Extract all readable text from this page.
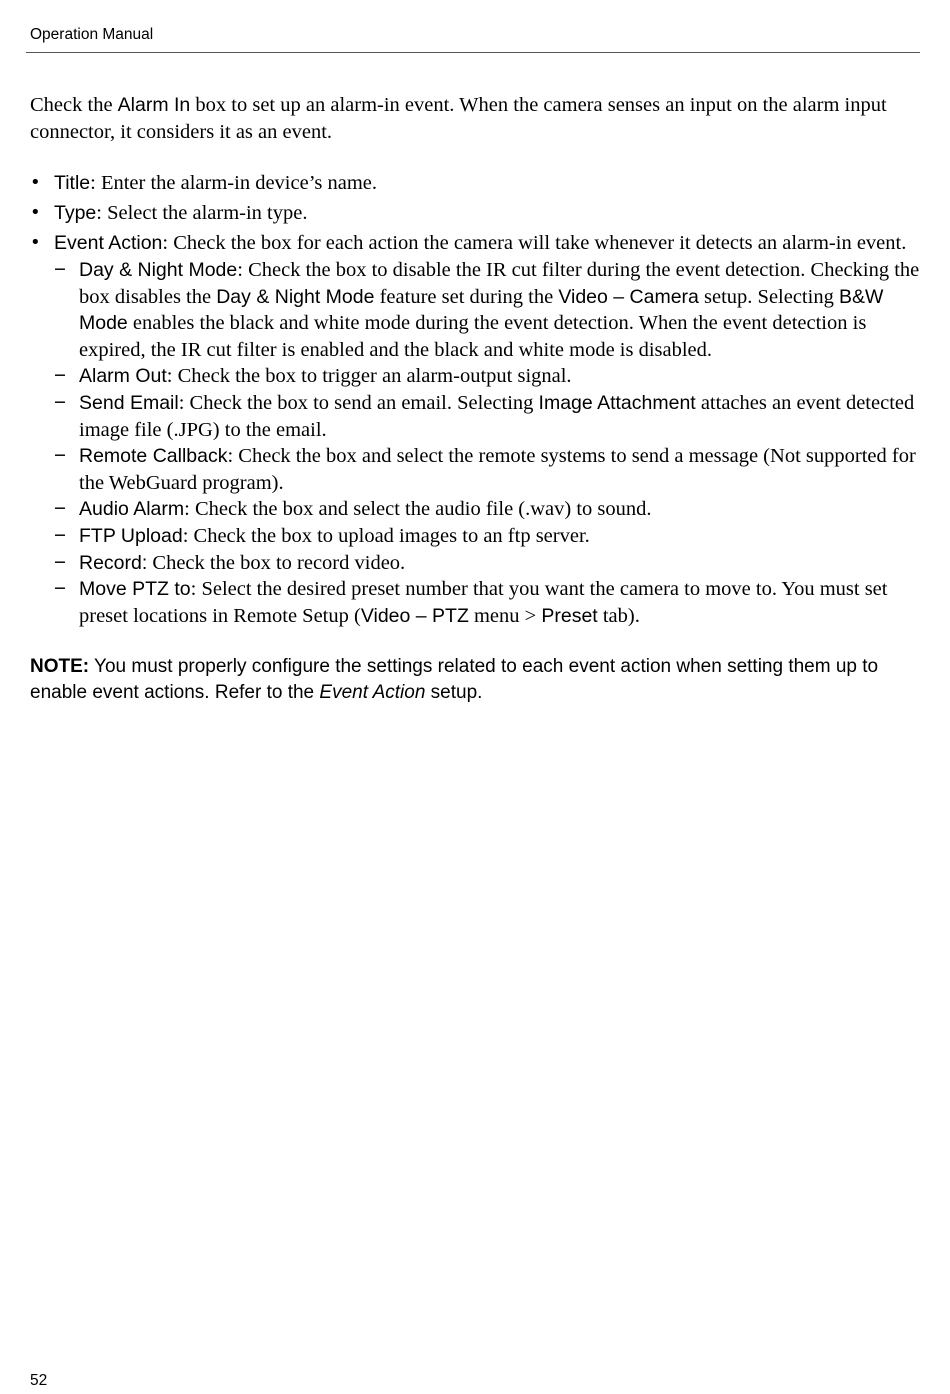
Operation Manual

Check the Alarm In box to set up an alarm-in event. When the camera senses an input on the alarm input connector, it considers it as an event.

• Title: Enter the alarm-in device’s name.
• Type: Select the alarm-in type.
• Event Action: Check the box for each action the camera will take whenever it detects an alarm-in event.
− Day & Night Mode: Check the box to disable the IR cut filter during the event detection. Checking the box disables the Day & Night Mode feature set during the Video – Camera setup. Selecting B&W Mode enables the black and white mode during the event detection. When the event detection is expired, the IR cut filter is enabled and the black and white mode is disabled.
− Alarm Out: Check the box to trigger an alarm-output signal.
− Send Email: Check the box to send an email. Selecting Image Attachment attaches an event detected image file (.JPG) to the email.
− Remote Callback: Check the box and select the remote systems to send a message (Not supported for the WebGuard program).
− Audio Alarm: Check the box and select the audio file (.wav) to sound.
− FTP Upload: Check the box to upload images to an ftp server.
− Record: Check the box to record video.
− Move PTZ to: Select the desired preset number that you want the camera to move to. You must set preset locations in Remote Setup (Video – PTZ menu > Preset tab).

NOTE: You must properly configure the settings related to each event action when setting them up to enable event actions. Refer to the Event Action setup.

52
